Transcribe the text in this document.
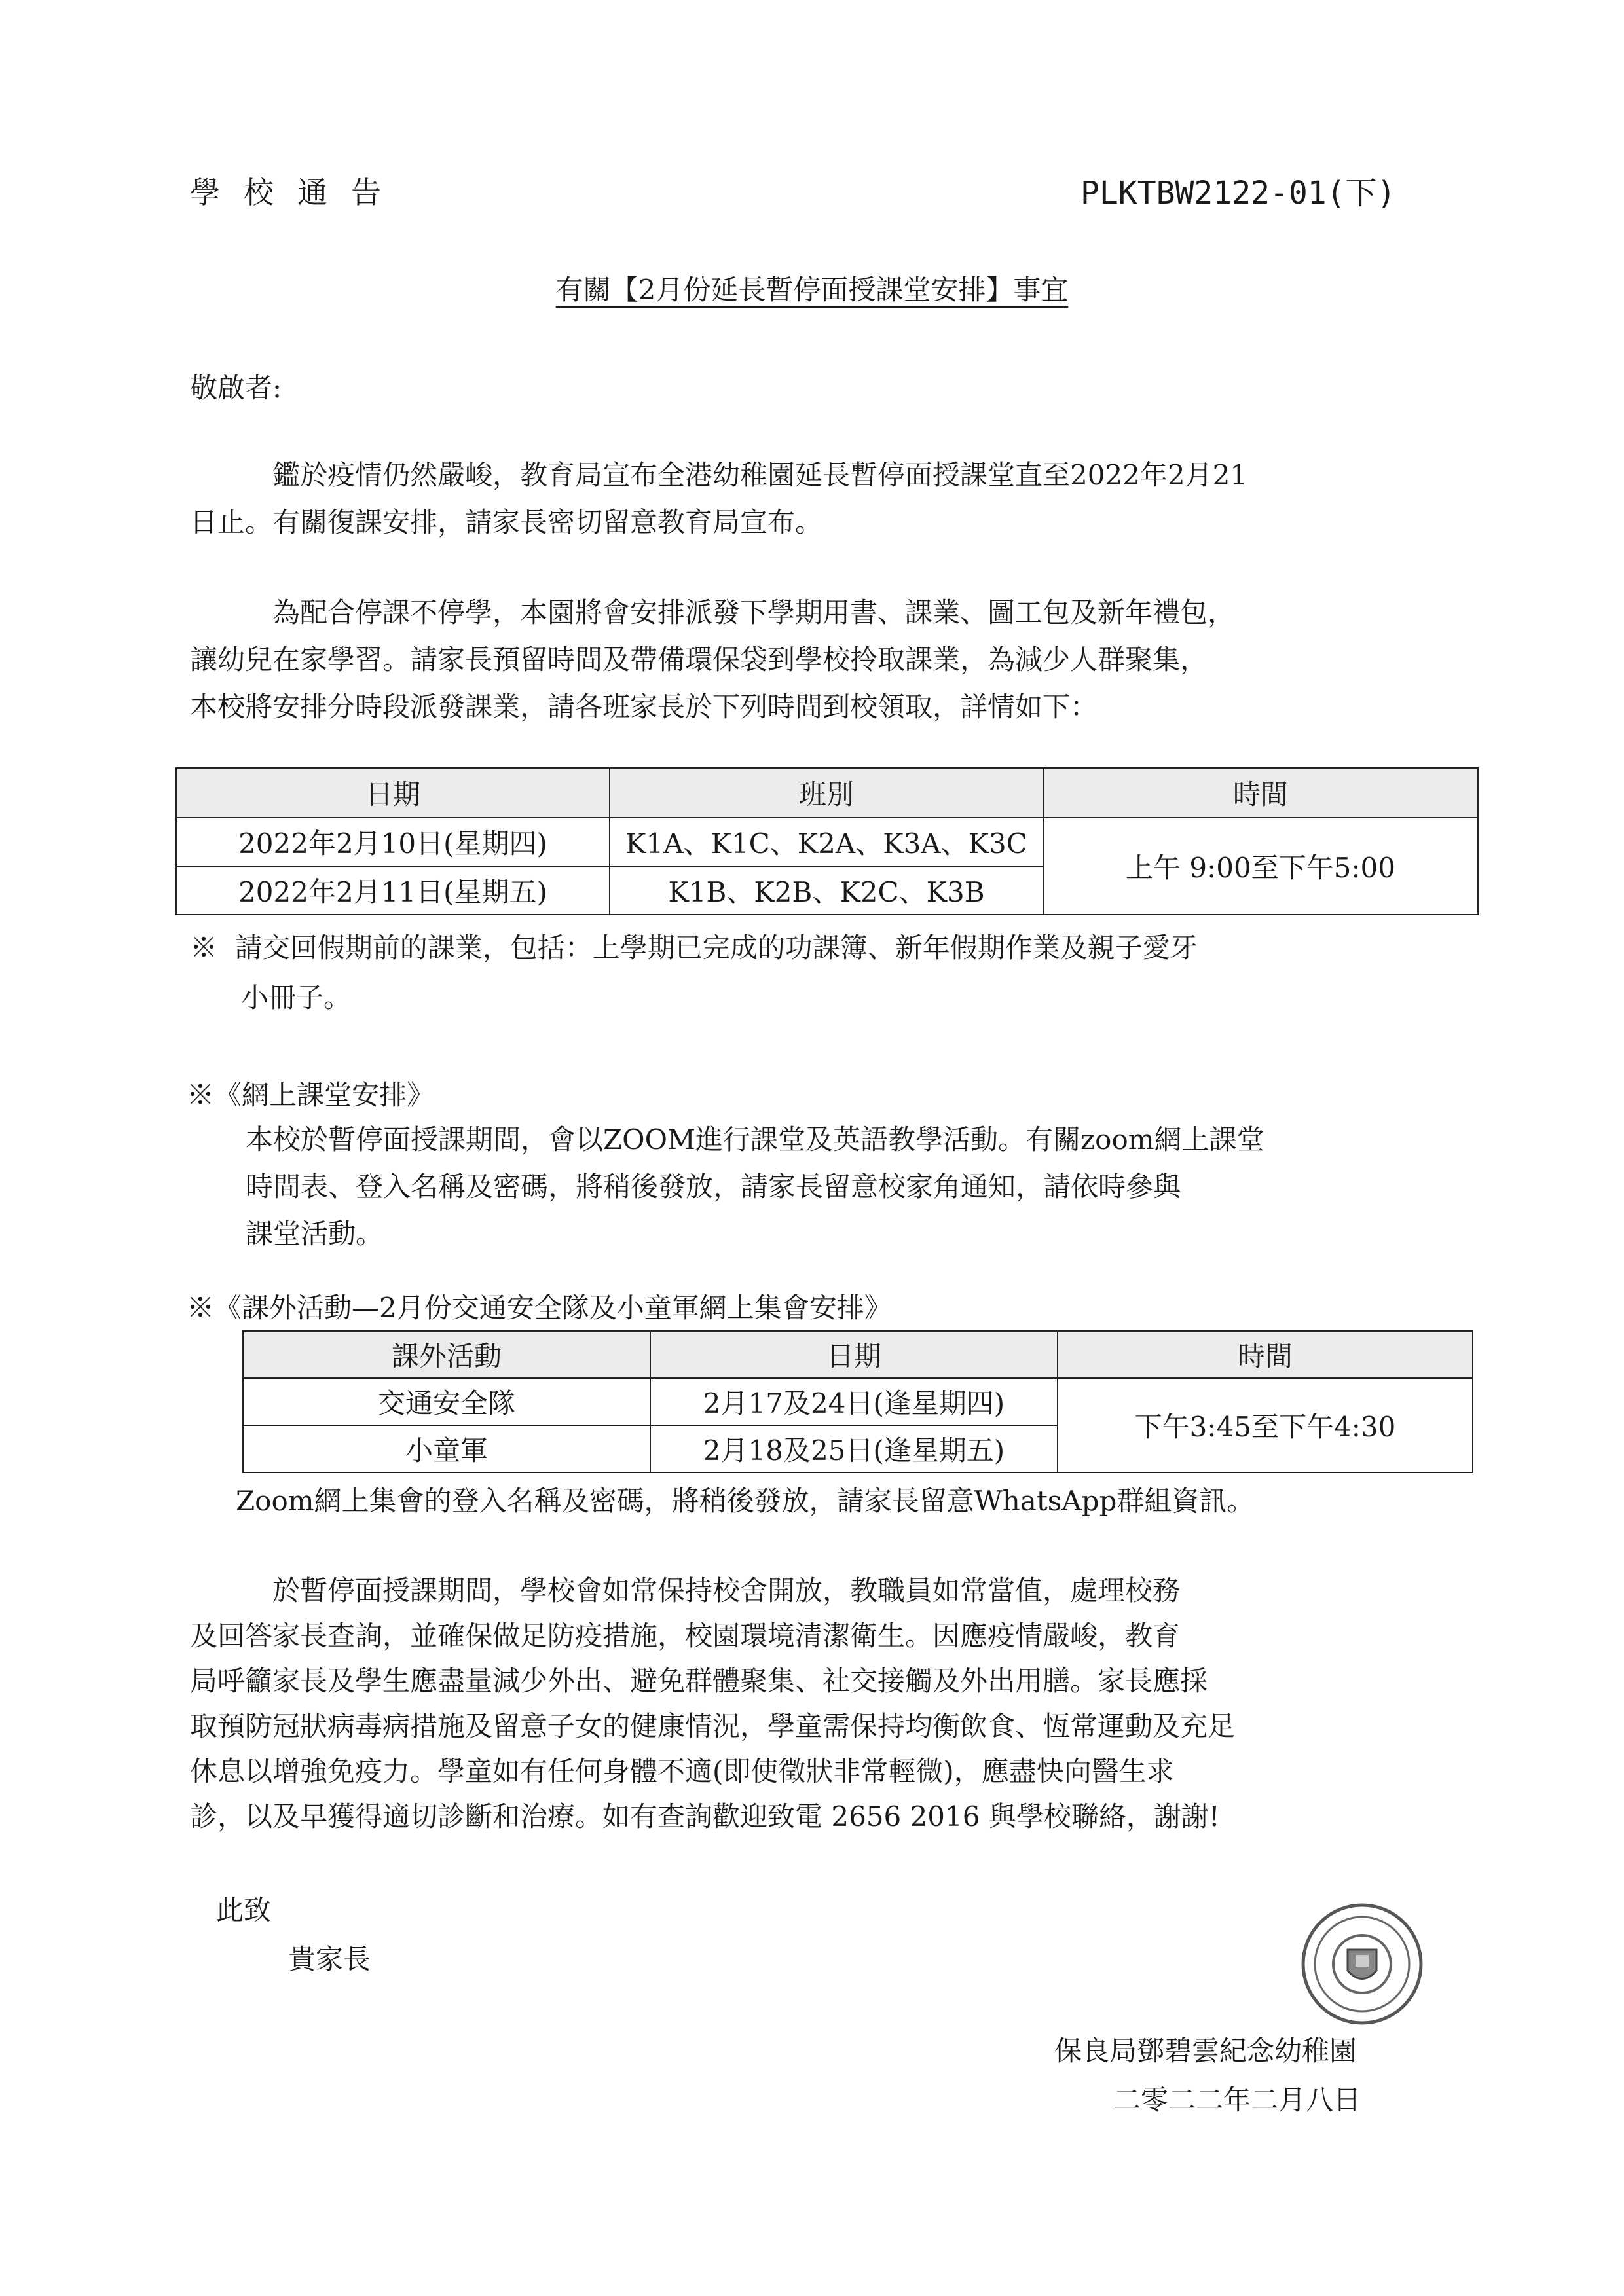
學校通告	PLKTBW2122-01(下)
有關【2月份延長暫停面授課堂安排】事宜
敬啟者:
鑑於疫情仍然嚴峻，教育局宣布全港幼稚園延長暫停面授課堂直至2022年2月21
日止。有關復課安排，請家長密切留意教育局宣布。
為配合停課不停學，本園將會安排派發下學期用書、課業、圖工包及新年禮包，
讓幼兒在家學習。請家長預留時間及帶備環保袋到學校拎取課業，為減少人群聚集，
本校將安排分時段派發課業，請各班家長於下列時間到校領取，詳情如下：
日期	班別	時間
2022年2月10日(星期四)	K1A、K1C、K2A、K3A、K3C	上午 9:00至下午5:00
2022年2月11日(星期五)	K1B、K2B、K2C、K3B	
※ 請交回假期前的課業，包括：上學期已完成的功課簿、新年假期作業及親子愛牙
小冊子。
※《網上課堂安排》
本校於暫停面授課期間，會以ZOOM進行課堂及英語教學活動。有關zoom網上課堂
時間表、登入名稱及密碼，將稍後發放，請家長留意校家角通知，請依時參與
課堂活動。
※《課外活動—2月份交通安全隊及小童軍網上集會安排》
課外活動	日期	時間
交通安全隊	2月17及24日(逢星期四)	下午3:45至下午4:30
小童軍	2月18及25日(逢星期五)	
Zoom網上集會的登入名稱及密碼，將稍後發放，請家長留意WhatsApp群組資訊。
於暫停面授課期間，學校會如常保持校舍開放，教職員如常當值，處理校務
及回答家長查詢，並確保做足防疫措施，校園環境清潔衛生。因應疫情嚴峻，教育
局呼籲家長及學生應盡量減少外出、避免群體聚集、社交接觸及外出用膳。家長應採
取預防冠狀病毒病措施及留意子女的健康情況，學童需保持均衡飲食、恆常運動及充足
休息以增強免疫力。學童如有任何身體不適(即使徵狀非常輕微)，應盡快向醫生求
診，以及早獲得適切診斷和治療。如有查詢歡迎致電 2656 2016 與學校聯絡，謝謝!
此致
貴家長
保良局鄧碧雲紀念幼稚園
二零二二年二月八日
